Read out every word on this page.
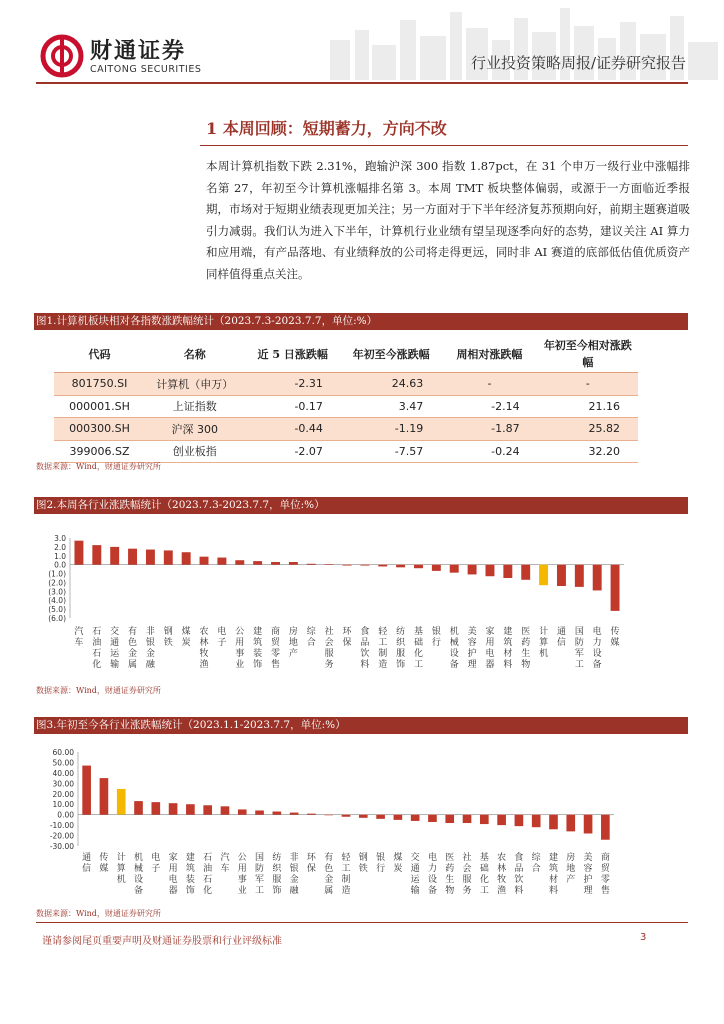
财通证券
CAITONG SECURITIES	行业投资策略周报/证券研究报告
1 本周回顾：短期蓄力，方向不改
本周计算机指数下跌 2.31%，跑输沪深 300 指数 1.87pct，在 31 个申万一级行业中涨幅排名第 27，年初至今计算机涨幅排名第 3。本周 TMT 板块整体偏弱，或源于一方面临近季报期，市场对于短期业绩表现更加关注；另一方面对于下半年经济复苏预期向好，前期主题赛道吸引力减弱。我们认为进入下半年，计算机行业业绩有望呈现逐季向好的态势，建议关注 AI 算力和应用端，有产品落地、有业绩释放的公司将走得更远，同时非 AI 赛道的底部低估值优质资产同样值得重点关注。
图1.计算机板块相对各指数涨跌幅统计（2023.7.3-2023.7.7，单位:%）
代码	名称	近 5 日涨跌幅	年初至今涨跌幅	周相对涨跌幅	年初至今相对涨跌幅
801750.SI	计算机（申万）	-2.31	24.63	-	-
000001.SH	上证指数	-0.17	3.47	-2.14	21.16
000300.SH	沪深 300	-0.44	-1.19	-1.87	25.82
399006.SZ	创业板指	-2.07	-7.57	-0.24	32.20
数据来源：Wind，财通证券研究所
图2.本周各行业涨跌幅统计（2023.7.3-2023.7.7，单位:%）
3.0
2.0
1.0
0.0
(1.0)
(2.0)
(3.0)
(4.0)
(5.0)
(6.0)
汽车
石油石化
交通运输
有色金属
非银金融
钢铁
煤炭
农林牧渔
电子
公用事业
建筑装饰
商贸零售
房地产
综合
社会服务
环保
食品饮料
轻工制造
纺织服饰
基础化工
银行
机械设备
美容护理
家用电器
建筑材料
医药生物
计算机
通信
国防军工
电力设备
传媒
数据来源：Wind，财通证券研究所
图3.年初至今各行业涨跌幅统计（2023.1.1-2023.7.7，单位:%）
60.00
50.00
40.00
30.00
20.00
10.00
0.00
-10.00
-20.00
-30.00
通信
传媒
计算机
机械设备
电子
家用电器
建筑装饰
石油石化
汽车
公用事业
国防军工
纺织服饰
非银金融
环保
有色金属
轻工制造
钢铁
银行
煤炭
交通运输
电力设备
医药生物
社会服务
基础化工
农林牧渔
食品饮料
综合
建筑材料
房地产
美容护理
商贸零售
数据来源：Wind，财通证券研究所
谨请参阅尾页重要声明及财通证券股票和行业评级标准	3
